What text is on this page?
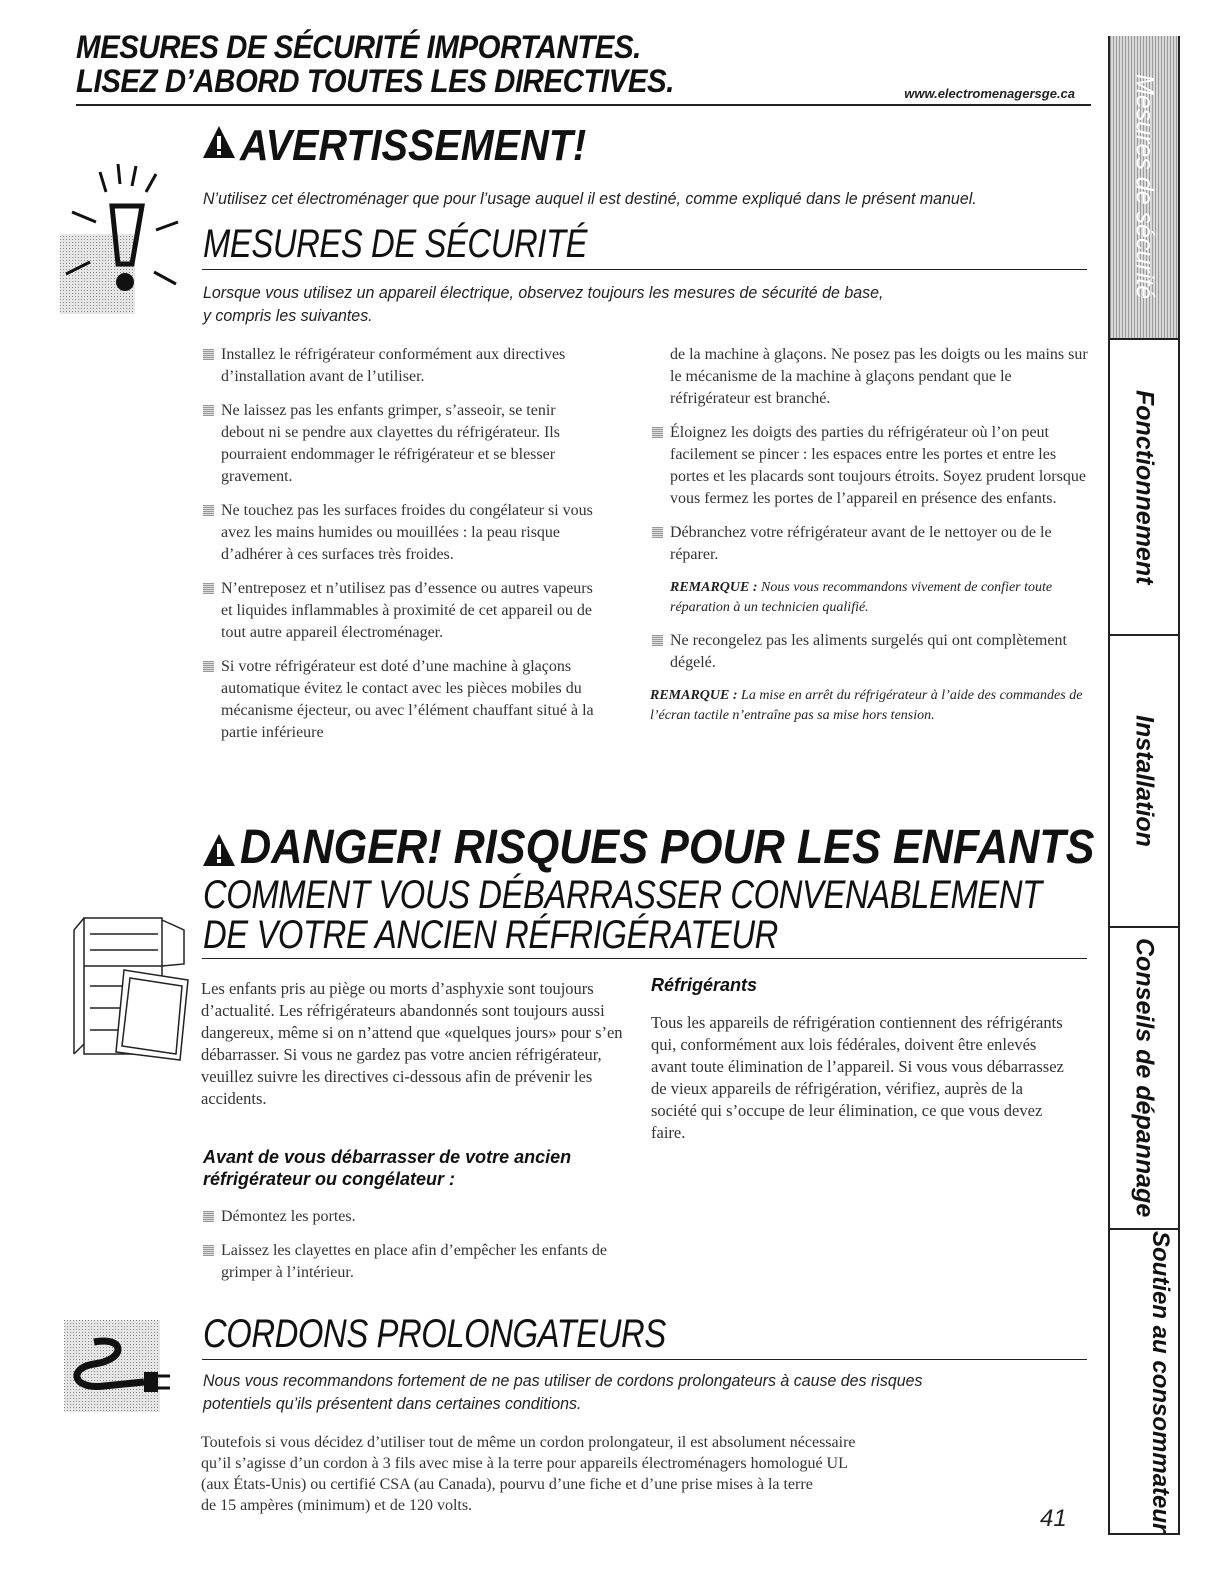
MESURES DE SÉCURITÉ IMPORTANTES.
LISEZ D’ABORD TOUTES LES DIRECTIVES.	www.electromenagersge.ca
AVERTISSEMENT!
N’utilisez cet électroménager que pour l’usage auquel il est destiné, comme expliqué dans le présent manuel.
MESURES DE SÉCURITÉ
Lorsque vous utilisez un appareil électrique, observez toujours les mesures de sécurité de base,
y compris les suivantes.
Installez le réfrigérateur conformément aux directives d’installation avant de l’utiliser.
Ne laissez pas les enfants grimper, s’asseoir, se tenir debout ni se pendre aux clayettes du réfrigérateur. Ils pourraient endommager le réfrigérateur et se blesser gravement.
Ne touchez pas les surfaces froides du congélateur si vous avez les mains humides ou mouillées : la peau risque d’adhérer à ces surfaces très froides.
N’entreposez et n’utilisez pas d’essence ou autres vapeurs et liquides inflammables à proximité de cet appareil ou de tout autre appareil électroménager.
Si votre réfrigérateur est doté d’une machine à glaçons automatique évitez le contact avec les pièces mobiles du mécanisme éjecteur, ou avec l’élément chauffant situé à la partie inférieure
de la machine à glaçons. Ne posez pas les doigts ou les mains sur le mécanisme de la machine à glaçons pendant que le réfrigérateur est branché.
Éloignez les doigts des parties du réfrigérateur où l’on peut facilement se pincer : les espaces entre les portes et entre les portes et les placards sont toujours étroits. Soyez prudent lorsque vous fermez les portes de l’appareil en présence des enfants.
Débranchez votre réfrigérateur avant de le nettoyer ou de le réparer.
REMARQUE : Nous vous recommandons vivement de confier toute réparation à un technicien qualifié.
Ne recongelez pas les aliments surgelés qui ont complètement dégelé.
REMARQUE : La mise en arrêt du réfrigérateur à l’aide des commandes de l’écran tactile n’entraîne pas sa mise hors tension.
DANGER! RISQUES POUR LES ENFANTS
COMMENT VOUS DÉBARRASSER CONVENABLEMENT
DE VOTRE ANCIEN RÉFRIGÉRATEUR
Les enfants pris au piège ou morts d’asphyxie sont toujours d’actualité. Les réfrigérateurs abandonnés sont toujours aussi dangereux, même si on n’attend que «quelques jours» pour s’en débarrasser. Si vous ne gardez pas votre ancien réfrigérateur, veuillez suivre les directives ci-dessous afin de prévenir les accidents.
Avant de vous débarrasser de votre ancien réfrigérateur ou congélateur :
Démontez les portes.
Laissez les clayettes en place afin d’empêcher les enfants de grimper à l’intérieur.
Réfrigérants
Tous les appareils de réfrigération contiennent des réfrigérants qui, conformément aux lois fédérales, doivent être enlevés avant toute élimination de l’appareil. Si vous vous débarrassez de vieux appareils de réfrigération, vérifiez, auprès de la société qui s’occupe de leur élimination, ce que vous devez faire.
CORDONS PROLONGATEURS
Nous vous recommandons fortement de ne pas utiliser de cordons prolongateurs à cause des risques
potentiels qu’ils présentent dans certaines conditions.
Toutefois si vous décidez d’utiliser tout de même un cordon prolongateur, il est absolument nécessaire
qu’il s’agisse d’un cordon à 3 fils avec mise à la terre pour appareils électroménagers homologué UL
(aux États-Unis) ou certifié CSA (au Canada), pourvu d’une fiche et d’une prise mises à la terre
de 15 ampères (minimum) et de 120 volts.	41
Mesures de sécurité
Fonctionnement
Installation
Conseils de dépannage
Soutien au consommateur
